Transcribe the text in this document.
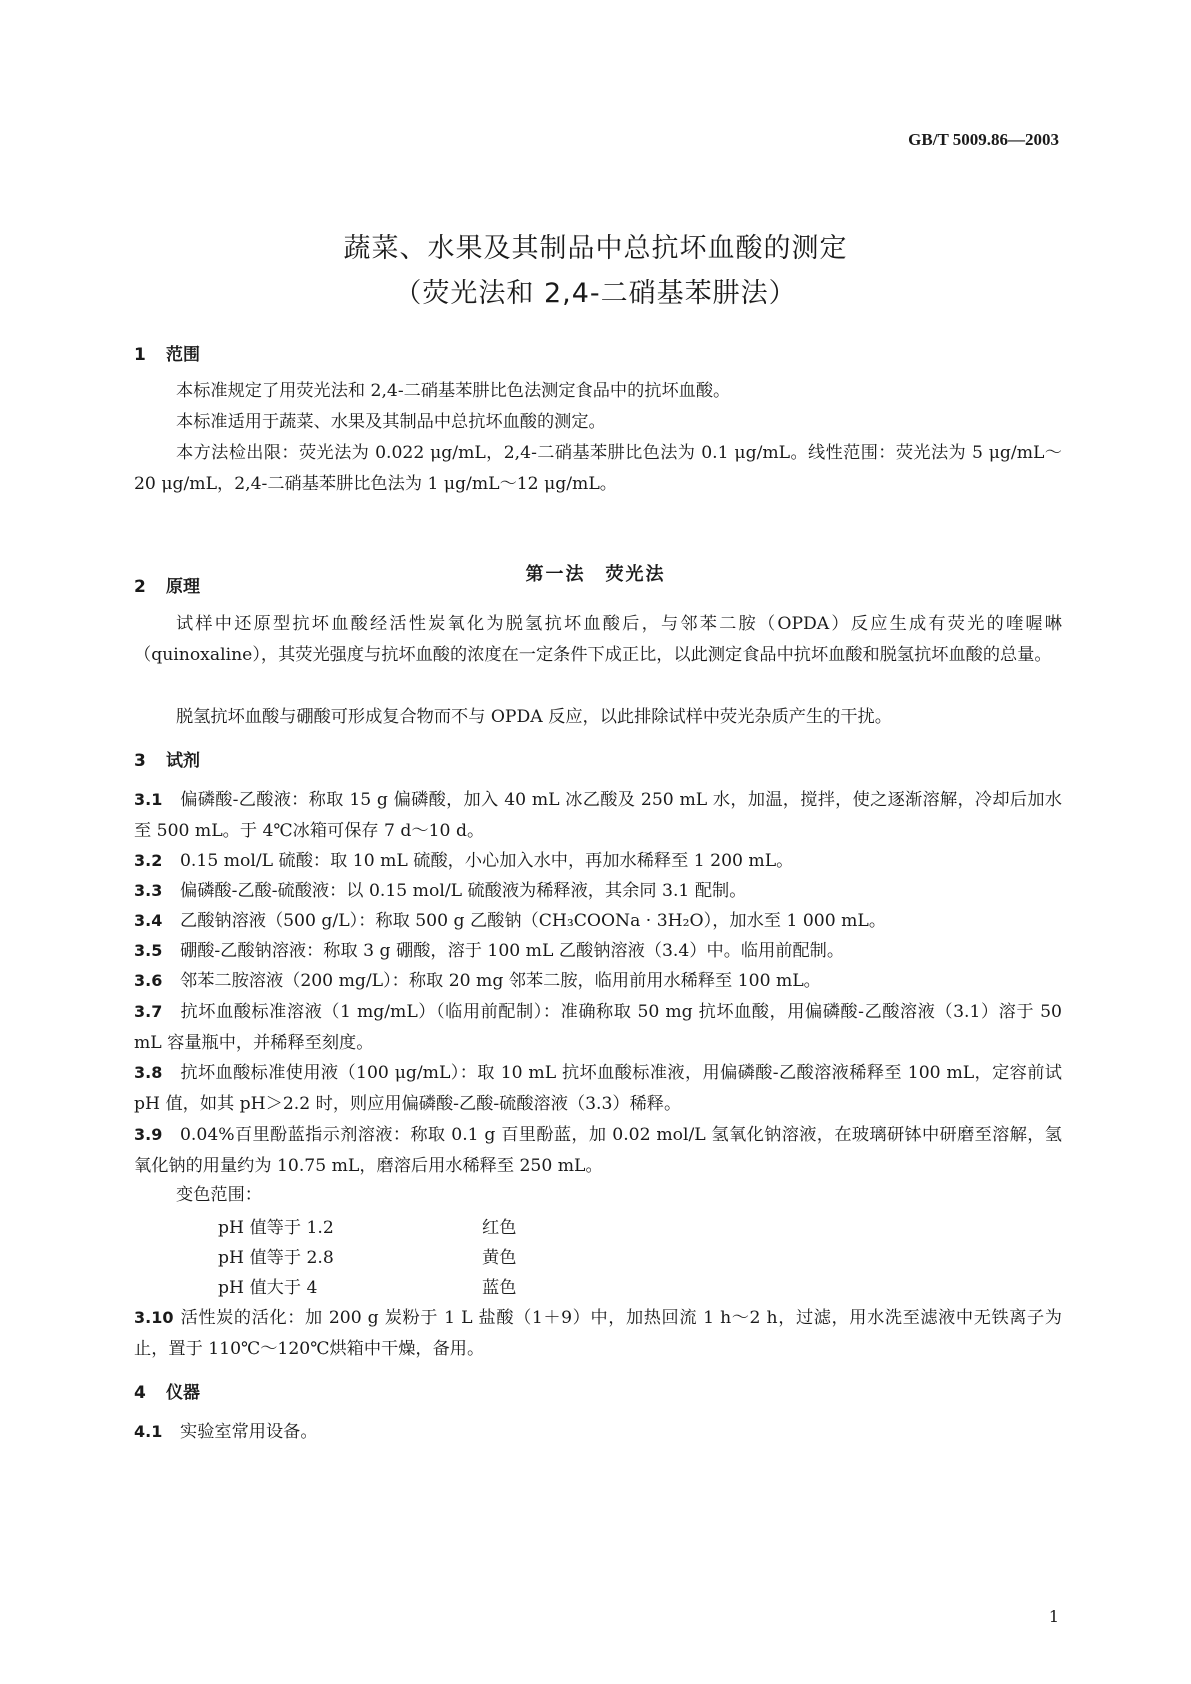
GB/T 5009.86—2003
蔬菜、水果及其制品中总抗坏血酸的测定
（荧光法和 2,4-二硝基苯肼法）
1 范围
本标准规定了用荧光法和 2,4-二硝基苯肼比色法测定食品中的抗坏血酸。
本标准适用于蔬菜、水果及其制品中总抗坏血酸的测定。
本方法检出限：荧光法为 0.022 μg/mL，2,4-二硝基苯肼比色法为 0.1 μg/mL。线性范围：荧光法为 5 μg/mL～20 μg/mL，2,4-二硝基苯肼比色法为 1 μg/mL～12 μg/mL。
第一法　荧光法
2 原理
试样中还原型抗坏血酸经活性炭氧化为脱氢抗坏血酸后，与邻苯二胺（OPDA）反应生成有荧光的喹喔啉（quinoxaline），其荧光强度与抗坏血酸的浓度在一定条件下成正比，以此测定食品中抗坏血酸和脱氢抗坏血酸的总量。
脱氢抗坏血酸与硼酸可形成复合物而不与 OPDA 反应，以此排除试样中荧光杂质产生的干扰。
3 试剂
3.1 偏磷酸-乙酸液：称取 15 g 偏磷酸，加入 40 mL 冰乙酸及 250 mL 水，加温，搅拌，使之逐渐溶解，冷却后加水至 500 mL。于 4℃冰箱可保存 7 d～10 d。
3.2 0.15 mol/L 硫酸：取 10 mL 硫酸，小心加入水中，再加水稀释至 1 200 mL。
3.3 偏磷酸-乙酸-硫酸液：以 0.15 mol/L 硫酸液为稀释液，其余同 3.1 配制。
3.4 乙酸钠溶液（500 g/L）：称取 500 g 乙酸钠（CH₃COONa · 3H₂O），加水至 1 000 mL。
3.5 硼酸-乙酸钠溶液：称取 3 g 硼酸，溶于 100 mL 乙酸钠溶液（3.4）中。临用前配制。
3.6 邻苯二胺溶液（200 mg/L）：称取 20 mg 邻苯二胺，临用前用水稀释至 100 mL。
3.7 抗坏血酸标准溶液（1 mg/mL）（临用前配制）：准确称取 50 mg 抗坏血酸，用偏磷酸-乙酸溶液（3.1）溶于 50 mL 容量瓶中，并稀释至刻度。
3.8 抗坏血酸标准使用液（100 μg/mL）：取 10 mL 抗坏血酸标准液，用偏磷酸-乙酸溶液稀释至 100 mL，定容前试 pH 值，如其 pH＞2.2 时，则应用偏磷酸-乙酸-硫酸溶液（3.3）稀释。
3.9 0.04%百里酚蓝指示剂溶液：称取 0.1 g 百里酚蓝，加 0.02 mol/L 氢氧化钠溶液，在玻璃研钵中研磨至溶解，氢氧化钠的用量约为 10.75 mL，磨溶后用水稀释至 250 mL。
变色范围：
pH 值等于 1.2	红色
pH 值等于 2.8	黄色
pH 值大于 4	蓝色
3.10 活性炭的活化：加 200 g 炭粉于 1 L 盐酸（1＋9）中，加热回流 1 h～2 h，过滤，用水洗至滤液中无铁离子为止，置于 110℃～120℃烘箱中干燥，备用。
4 仪器
4.1 实验室常用设备。
1
